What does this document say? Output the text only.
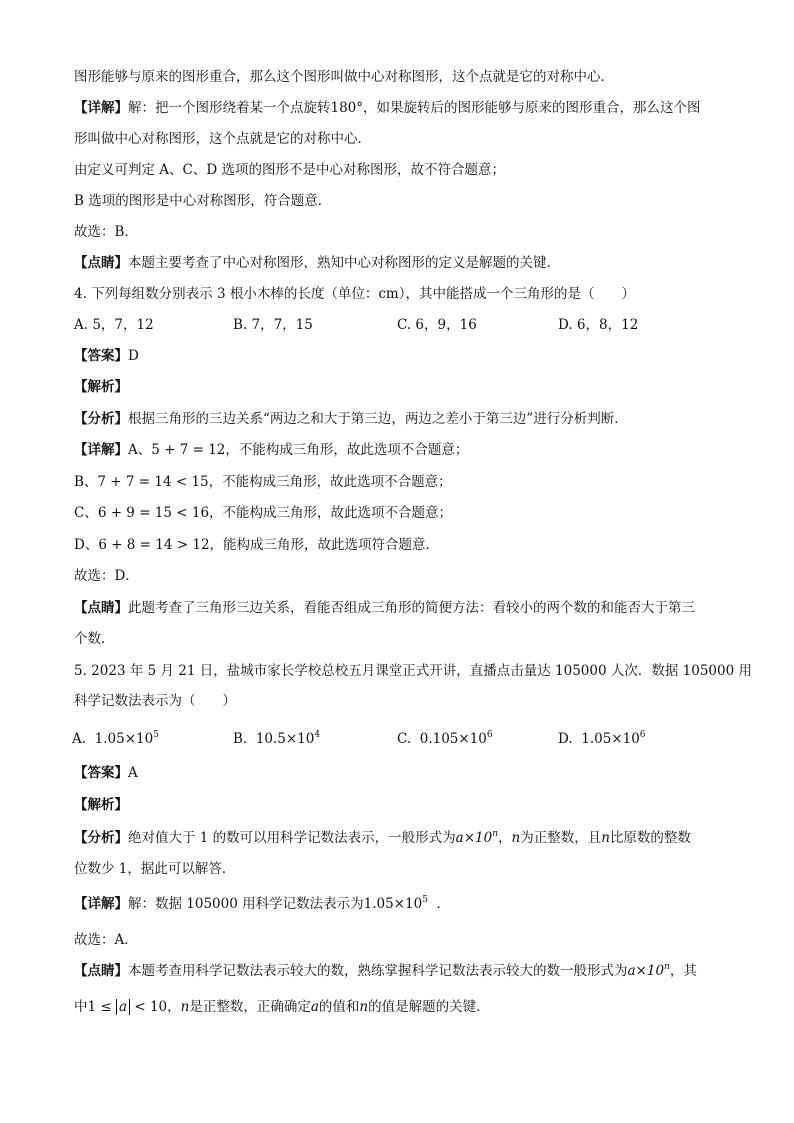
图形能够与原来的图形重合，那么这个图形叫做中心对称图形，这个点就是它的对称中心．
【详解】解：把一个图形绕着某一个点旋转180°，如果旋转后的图形能够与原来的图形重合，那么这个图
形叫做中心对称图形，这个点就是它的对称中心．
由定义可判定 A、C、D 选项的图形不是中心对称图形，故不符合题意；
B 选项的图形是中心对称图形，符合题意．
故选：B．
【点睛】本题主要考查了中心对称图形，熟知中心对称图形的定义是解题的关键．
4. 下列每组数分别表示 3 根小木棒的长度（单位：cm），其中能搭成一个三角形的是（　　）
A. 5，7，12	B. 7，7，15	C. 6，9，16	D. 6，8，12
【答案】D
【解析】
【分析】根据三角形的三边关系“两边之和大于第三边，两边之差小于第三边”进行分析判断．
【详解】A、5 + 7 = 12，不能构成三角形，故此选项不合题意；
B、7 + 7 = 14 < 15，不能构成三角形，故此选项不合题意；
C、6 + 9 = 15 < 16，不能构成三角形，故此选项不合题意；
D、6 + 8 = 14 > 12，能构成三角形，故此选项符合题意．
故选：D．
【点睛】此题考查了三角形三边关系，看能否组成三角形的简便方法：看较小的两个数的和能否大于第三
个数．
5. 2023 年 5 月 21 日，盐城市家长学校总校五月课堂正式开讲，直播点击量达 105000 人次．数据 105000 用
科学记数法表示为（　　）
A. $1.05\times 10^5$	B. $10.5\times 10^4$	C. $0.105\times 10^6$	D. $1.05\times 10^6$
【答案】A
【解析】
【分析】绝对值大于 1 的数可以用科学记数法表示，一般形式为$a\times 10^n$，n为正整数，且n比原数的整数
位数少 1，据此可以解答．
【详解】解：数据 105000 用科学记数法表示为$1.05\times 10^5$ ．
故选：A．
【点睛】本题考查用科学记数法表示较大的数，熟练掌握科学记数法表示较大的数一般形式为$a\times 10^n$，其
中1 ≤ a < 10，n是正整数，正确确定a的值和n的值是解题的关键．
